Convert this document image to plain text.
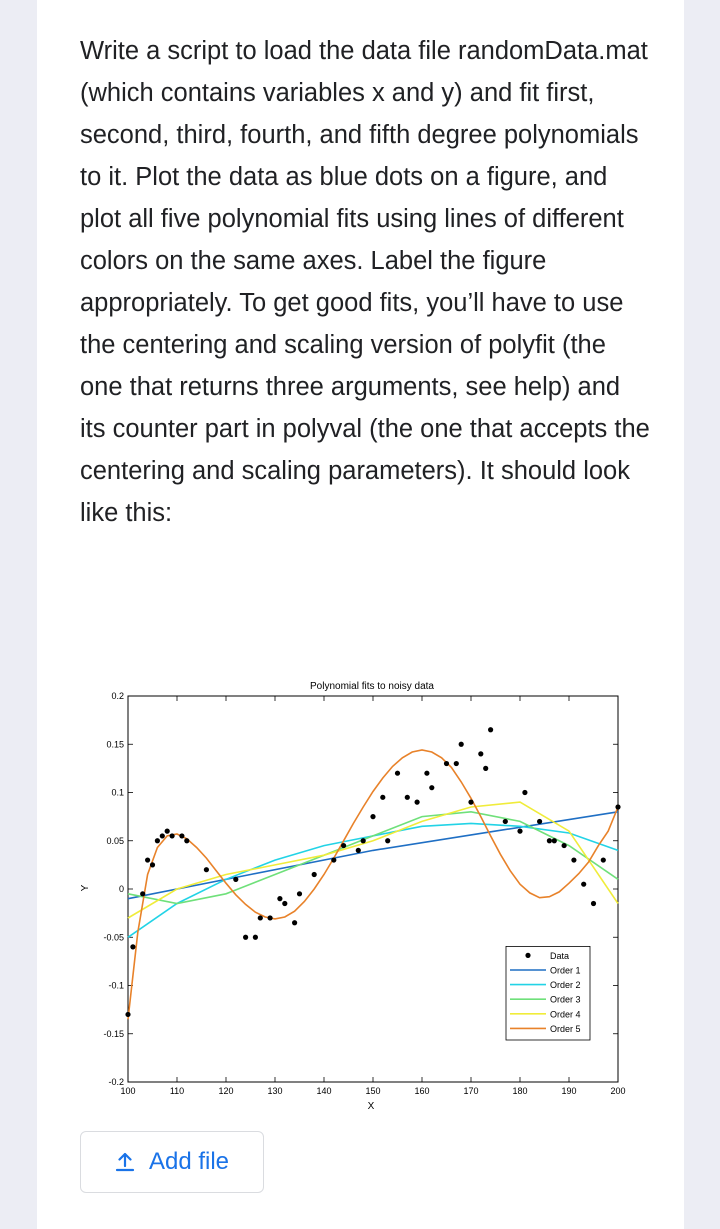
Write a script to load the data file randomData.mat (which contains variables x and y) and fit first, second, third, fourth, and fifth degree polynomials to it. Plot the data as blue dots on a figure, and plot all five polynomial fits using lines of different colors on the same axes. Label the figure appropriately. To get good fits, you’ll have to use the centering and scaling version of polyfit (the one that returns three arguments, see help) and its counter part in polyval (the one that accepts the centering and scaling parameters). It should look like this:

Polynomial fits to noisy data
X
Y
100	110	120	130	140	150	160	170	180	190	200
0.2
0.15
0.1
0.05
0
-0.05
-0.1
-0.15
-0.2
Data
Order 1
Order 2
Order 3
Order 4
Order 5
Add file
